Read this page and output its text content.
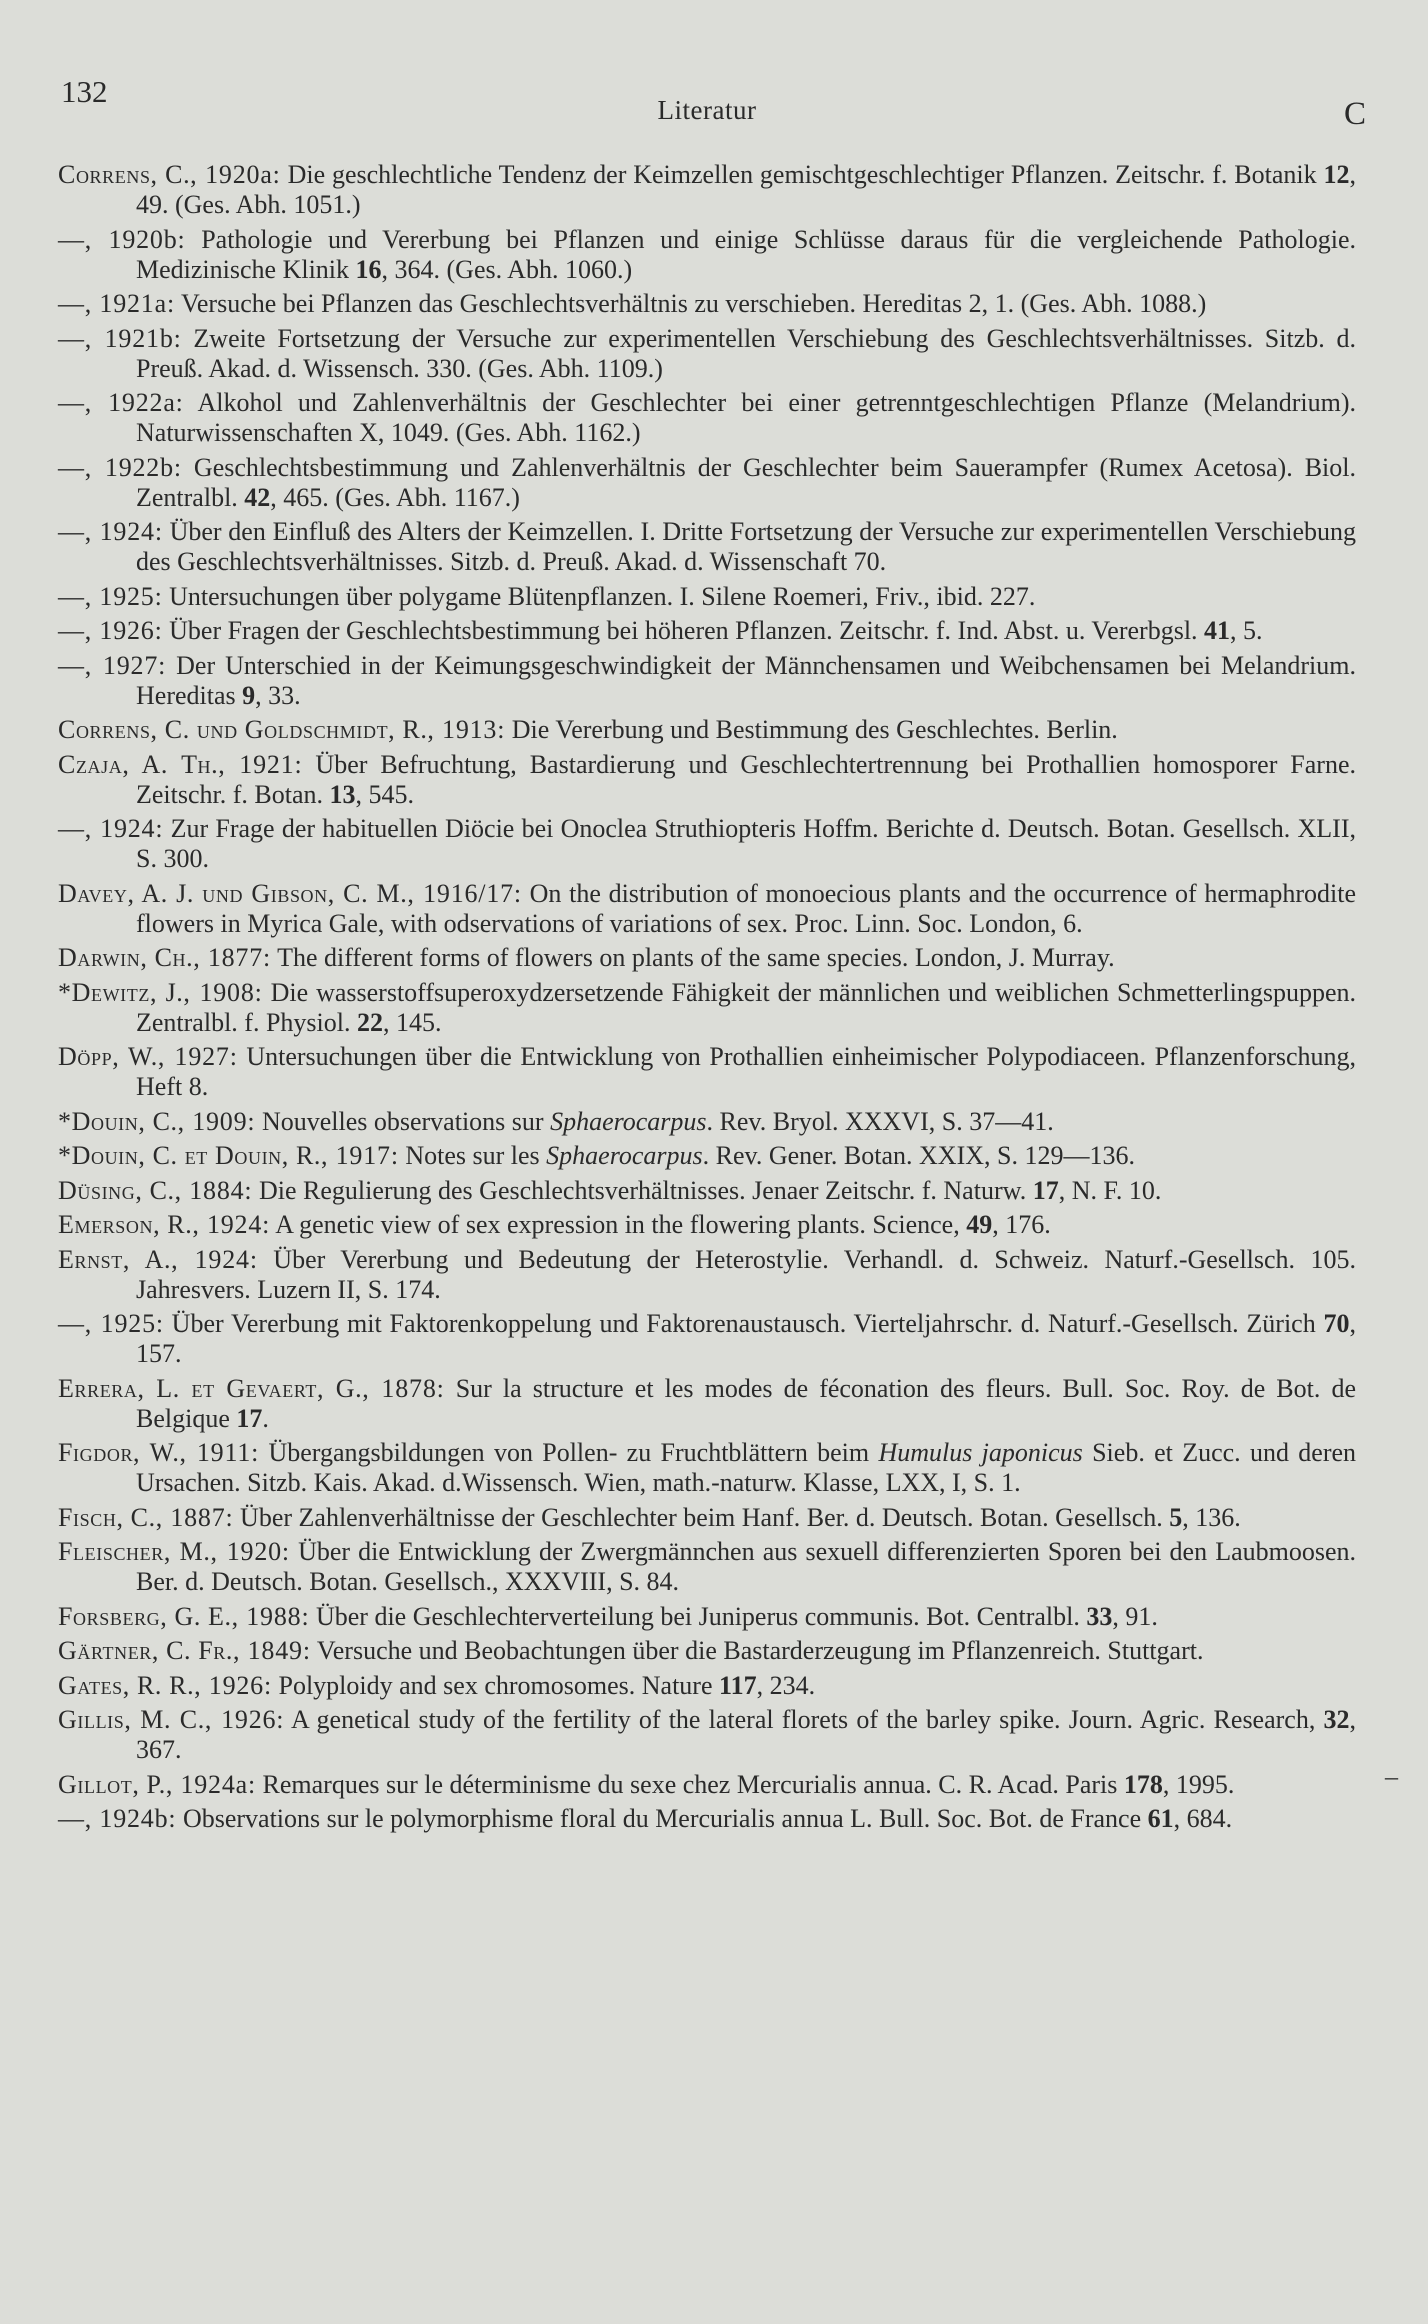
132
Literatur	C
Correns, C., 1920a: Die geschlechtliche Tendenz der Keimzellen gemischtgeschlechtiger Pflanzen. Zeitschr. f. Botanik 12, 49. (Ges. Abh. 1051.)
—, 1920b: Pathologie und Vererbung bei Pflanzen und einige Schlüsse daraus für die vergleichende Pathologie. Medizinische Klinik 16, 364. (Ges. Abh. 1060.)
—, 1921a: Versuche bei Pflanzen das Geschlechtsverhältnis zu verschieben. Hereditas 2, 1. (Ges. Abh. 1088.)
—, 1921b: Zweite Fortsetzung der Versuche zur experimentellen Verschiebung des Geschlechtsverhältnisses. Sitzb. d. Preuß. Akad. d. Wissensch. 330. (Ges. Abh. 1109.)
—, 1922a: Alkohol und Zahlenverhältnis der Geschlechter bei einer getrenntgeschlechtigen Pflanze (Melandrium). Naturwissenschaften X, 1049. (Ges. Abh. 1162.)
—, 1922b: Geschlechtsbestimmung und Zahlenverhältnis der Geschlechter beim Sauerampfer (Rumex Acetosa). Biol. Zentralbl. 42, 465. (Ges. Abh. 1167.)
—, 1924: Über den Einfluß des Alters der Keimzellen. I. Dritte Fortsetzung der Versuche zur experimentellen Verschiebung des Geschlechtsverhältnisses. Sitzb. d. Preuß. Akad. d. Wissenschaft 70.
—, 1925: Untersuchungen über polygame Blütenpflanzen. I. Silene Roemeri, Friv., ibid. 227.
—, 1926: Über Fragen der Geschlechtsbestimmung bei höheren Pflanzen. Zeitschr. f. Ind. Abst. u. Vererbgsl. 41, 5.
—, 1927: Der Unterschied in der Keimungsgeschwindigkeit der Männchensamen und Weibchensamen bei Melandrium. Hereditas 9, 33.
Correns, C. und Goldschmidt, R., 1913: Die Vererbung und Bestimmung des Geschlechtes. Berlin.
Czaja, A. Th., 1921: Über Befruchtung, Bastardierung und Geschlechtertrennung bei Prothallien homosporer Farne. Zeitschr. f. Botan. 13, 545.
—, 1924: Zur Frage der habituellen Diöcie bei Onoclea Struthiopteris Hoffm. Berichte d. Deutsch. Botan. Gesellsch. XLII, S. 300.
Davey, A. J. und Gibson, C. M., 1916/17: On the distribution of monoecious plants and the occurrence of hermaphrodite flowers in Myrica Gale, with odservations of variations of sex. Proc. Linn. Soc. London, 6.
Darwin, Ch., 1877: The different forms of flowers on plants of the same species. London, J. Murray.
*Dewitz, J., 1908: Die wasserstoffsuperoxydzersetzende Fähigkeit der männlichen und weiblichen Schmetterlingspuppen. Zentralbl. f. Physiol. 22, 145.
Döpp, W., 1927: Untersuchungen über die Entwicklung von Prothallien einheimischer Polypodiaceen. Pflanzenforschung, Heft 8.
*Douin, C., 1909: Nouvelles observations sur Sphaerocarpus. Rev. Bryol. XXXVI, S. 37—41.
*Douin, C. et Douin, R., 1917: Notes sur les Sphaerocarpus. Rev. Gener. Botan. XXIX, S. 129—136.
Düsing, C., 1884: Die Regulierung des Geschlechtsverhältnisses. Jenaer Zeitschr. f. Naturw. 17, N. F. 10.
Emerson, R., 1924: A genetic view of sex expression in the flowering plants. Science, 49, 176.
Ernst, A., 1924: Über Vererbung und Bedeutung der Heterostylie. Verhandl. d. Schweiz. Naturf.-Gesellsch. 105. Jahresvers. Luzern II, S. 174.
—, 1925: Über Vererbung mit Faktorenkoppelung und Faktorenaustausch. Vierteljahrschr. d. Naturf.-Gesellsch. Zürich 70, 157.
Errera, L. et Gevaert, G., 1878: Sur la structure et les modes de féconation des fleurs. Bull. Soc. Roy. de Bot. de Belgique 17.
Figdor, W., 1911: Übergangsbildungen von Pollen- zu Fruchtblättern beim Humulus japonicus Sieb. et Zucc. und deren Ursachen. Sitzb. Kais. Akad. d.Wissensch. Wien, math.-naturw. Klasse, LXX, I, S. 1.
Fisch, C., 1887: Über Zahlenverhältnisse der Geschlechter beim Hanf. Ber. d. Deutsch. Botan. Gesellsch. 5, 136.
Fleischer, M., 1920: Über die Entwicklung der Zwergmännchen aus sexuell differenzierten Sporen bei den Laubmoosen. Ber. d. Deutsch. Botan. Gesellsch., XXXVIII, S. 84.
Forsberg, G. E., 1988: Über die Geschlechterverteilung bei Juniperus communis. Bot. Centralbl. 33, 91.
Gärtner, C. Fr., 1849: Versuche und Beobachtungen über die Bastarderzeugung im Pflanzenreich. Stuttgart.
Gates, R. R., 1926: Polyploidy and sex chromosomes. Nature 117, 234.
Gillis, M. C., 1926: A genetical study of the fertility of the lateral florets of the barley spike. Journ. Agric. Research, 32, 367.
Gillot, P., 1924a: Remarques sur le déterminisme du sexe chez Mercurialis annua. C. R. Acad. Paris 178, 1995.
—, 1924b: Observations sur le polymorphisme floral du Mercurialis annua L. Bull. Soc. Bot. de France 61, 684.
_
